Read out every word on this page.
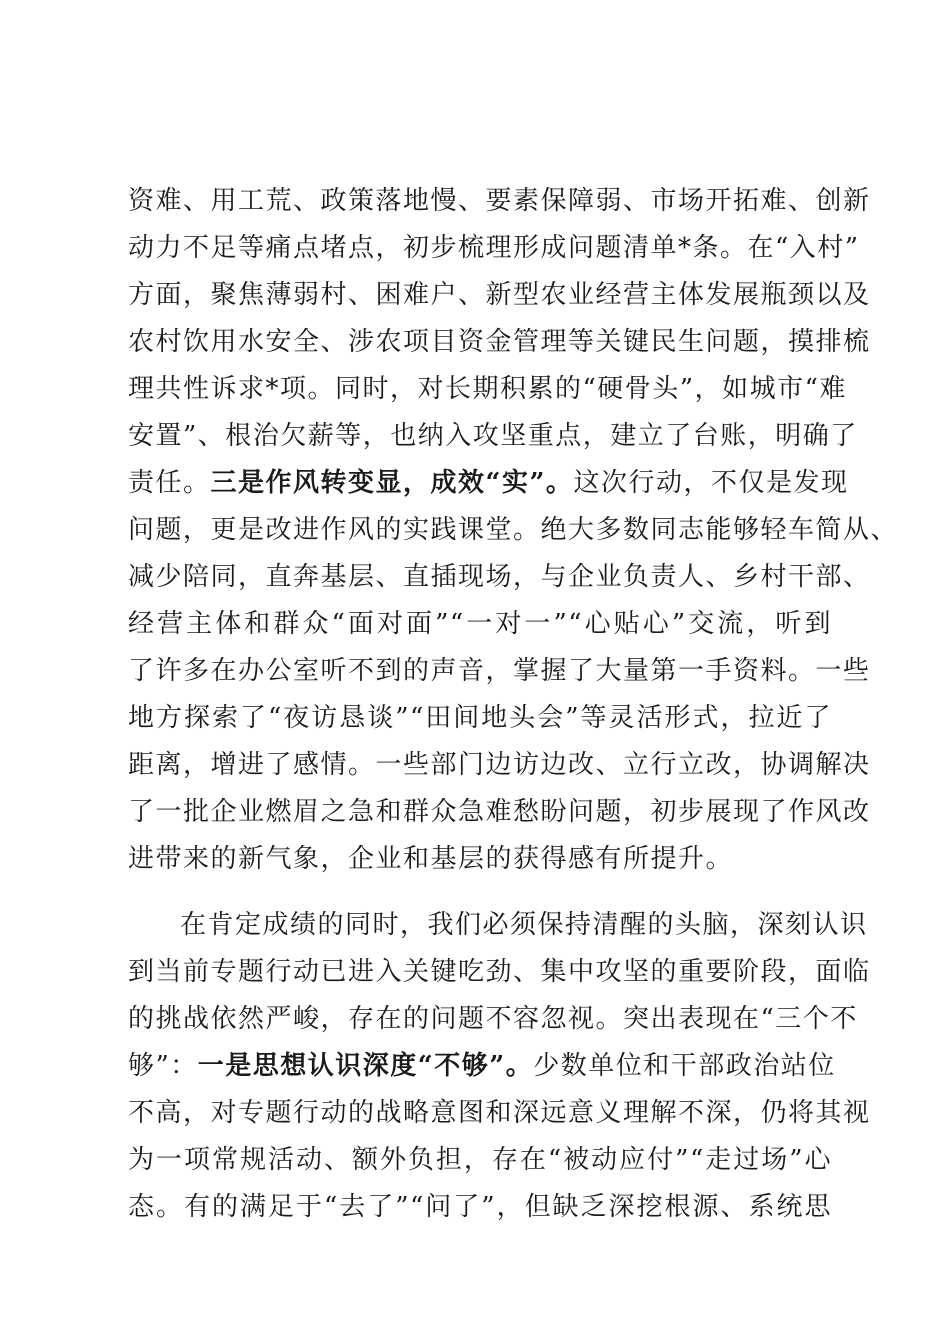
资难、用工荒、政策落地慢、要素保障弱、市场开拓难、创新
动力不足等痛点堵点，初步梳理形成问题清单*条。在“入村”
方面，聚焦薄弱村、困难户、新型农业经营主体发展瓶颈以及
农村饮用水安全、涉农项目资金管理等关键民生问题，摸排梳
理共性诉求*项。同时，对长期积累的“硬骨头”，如城市“难
安置”、根治欠薪等，也纳入攻坚重点，建立了台账，明确了
责任。三是作风转变显，成效“实”。这次行动，不仅是发现
问题，更是改进作风的实践课堂。绝大多数同志能够轻车简从、
减少陪同，直奔基层、直插现场，与企业负责人、乡村干部、
经营主体和群众“面对面”“一对一”“心贴心”交流，听到
了许多在办公室听不到的声音，掌握了大量第一手资料。一些
地方探索了“夜访恳谈”“田间地头会”等灵活形式，拉近了
距离，增进了感情。一些部门边访边改、立行立改，协调解决
了一批企业燃眉之急和群众急难愁盼问题，初步展现了作风改
进带来的新气象，企业和基层的获得感有所提升。
在肯定成绩的同时，我们必须保持清醒的头脑，深刻认识
到当前专题行动已进入关键吃劲、集中攻坚的重要阶段，面临
的挑战依然严峻，存在的问题不容忽视。突出表现在“三个不
够”：一是思想认识深度“不够”。少数单位和干部政治站位
不高，对专题行动的战略意图和深远意义理解不深，仍将其视
为一项常规活动、额外负担，存在“被动应付”“走过场”心
态。有的满足于“去了”“问了”，但缺乏深挖根源、系统思
